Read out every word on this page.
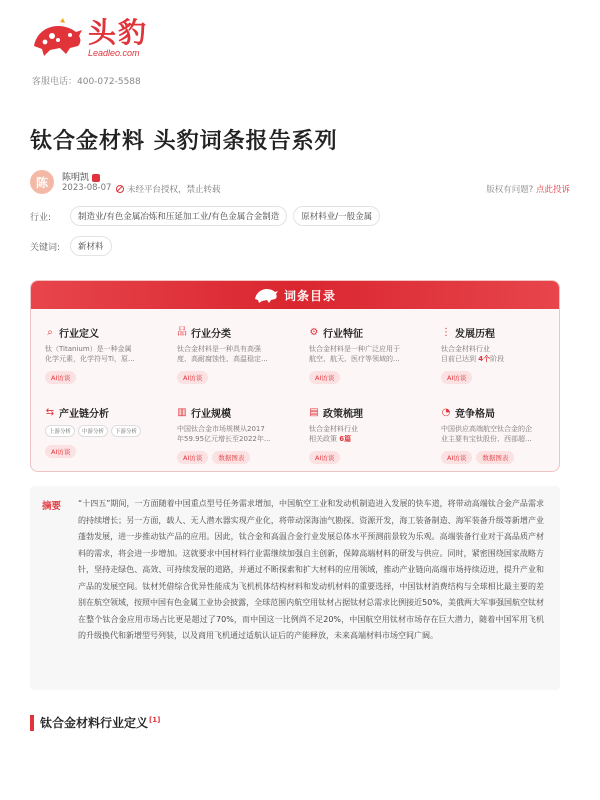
头豹
Leadleo.com
客服电话：400-072-5588
钛合金材料 头豹词条报告系列
陈	陈明凯
2023-08-07 未经平台授权，禁止转载	版权有问题? 点此投诉
行业:	制造业/有色金属冶炼和压延加工业/有色金属合金制造	原材料业/一般金属
关键词:	新材料
词条目录
⌕ 行业定义
钛（Titanium）是一种金属
化学元素，化学符号Ti，原...
AI访谈
品 行业分类
钛合金材料是一种具有高强
度、高耐腐蚀性、高温稳定...
AI访谈
⚙ 行业特征
钛合金材料是一种广泛应用于
航空、航天、医疗等领域的...
AI访谈
⋮ 发展历程
钛合金材料行业
目前已达到 4个阶段
AI访谈
⇆ 产业链分析
上游分析	中游分析	下游分析
AI访谈
▥ 行业规模
中国钛合金市场规模从2017
年59.95亿元增长至2022年...
AI访谈	数据图表
▤ 政策梳理
钛合金材料行业
相关政策 6篇
AI访谈
◔ 竞争格局
中国供应高端航空钛合金的企
业主要有宝钛股份、西部超...
AI访谈	数据图表
摘要 “十四五”期间，一方面随着中国重点型号任务需求增加，中国航空工业和发动机制造进入发展的快车道，将带动高端钛合金产品需求的持续增长；另一方面，载人、无人潜水器实现产业化，将带动深海油气勘探、资源开发，海工装备制造、海军装备升级等新增产业蓬勃发展，进一步推动钛产品的应用。因此，钛合金和高温合金行业发展总体水平预测前景较为乐观。高端装备行业对于高品质产材料的需求，将会进一步增加。这就要求中国材料行业需继续加强自主创新，保障高端材料的研发与供应。同时，紧密围绕国家战略方针，坚持走绿色、高效、可持续发展的道路，并通过不断探索和扩大材料的应用领域，推动产业链向高端市场持续迈进，提升产业和产品的发展空间。钛材凭借综合优异性能成为飞机机体结构材料和发动机材料的重要选择，中国钛材消费结构与全球相比最主要的差别在航空领域，按照中国有色金属工业协会披露，全球范围内航空用钛材占据钛材总需求比例接近50%，美俄两大军事强国航空钛材在整个钛合金应用市场占比更是超过了70%，而中国这一比例尚不足20%，中国航空用钛材市场存在巨大潜力，随着中国军用飞机的升级换代和新增型号列装，以及商用飞机通过适航认证后的产能释放，未来高端材料市场空间广阔。
钛合金材料行业定义[1]
